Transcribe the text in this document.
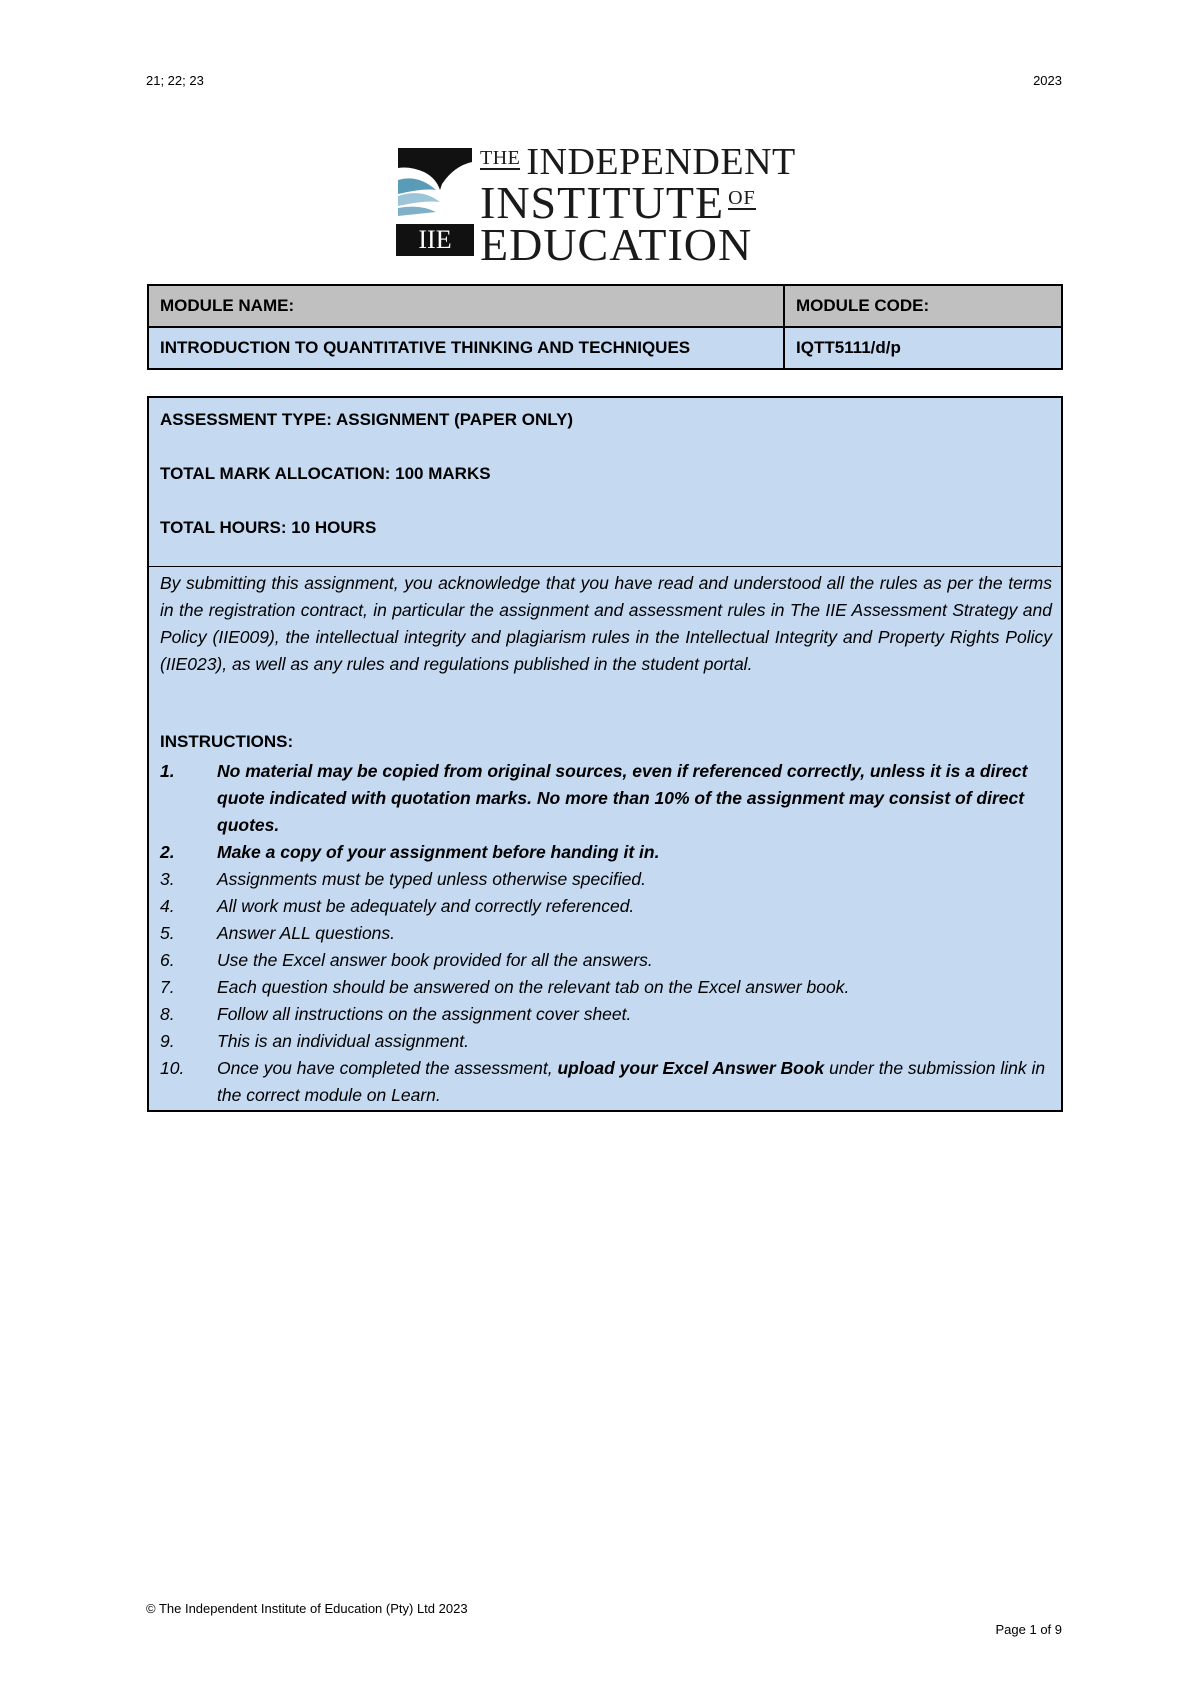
21; 22; 23	2023
IIE
THE INDEPENDENT
INSTITUTE OF
EDUCATION
MODULE NAME:	MODULE CODE:
INTRODUCTION TO QUANTITATIVE THINKING AND TECHNIQUES	IQTT5111/d/p
ASSESSMENT TYPE: ASSIGNMENT (PAPER ONLY)
TOTAL MARK ALLOCATION: 100 MARKS
TOTAL HOURS: 10 HOURS
By submitting this assignment, you acknowledge that you have read and understood all the rules as per the terms in the registration contract, in particular the assignment and assessment rules in The IIE Assessment Strategy and Policy (IIE009), the intellectual integrity and plagiarism rules in the Intellectual Integrity and Property Rights Policy (IIE023), as well as any rules and regulations published in the student portal.
INSTRUCTIONS:
1. No material may be copied from original sources, even if referenced correctly, unless it is a direct quote indicated with quotation marks. No more than 10% of the assignment may consist of direct quotes.
2. Make a copy of your assignment before handing it in.
3. Assignments must be typed unless otherwise specified.
4. All work must be adequately and correctly referenced.
5. Answer ALL questions.
6. Use the Excel answer book provided for all the answers.
7. Each question should be answered on the relevant tab on the Excel answer book.
8. Follow all instructions on the assignment cover sheet.
9. This is an individual assignment.
10. Once you have completed the assessment, upload your Excel Answer Book under the submission link in the correct module on Learn.
© The Independent Institute of Education (Pty) Ltd 2023
Page 1 of 9
